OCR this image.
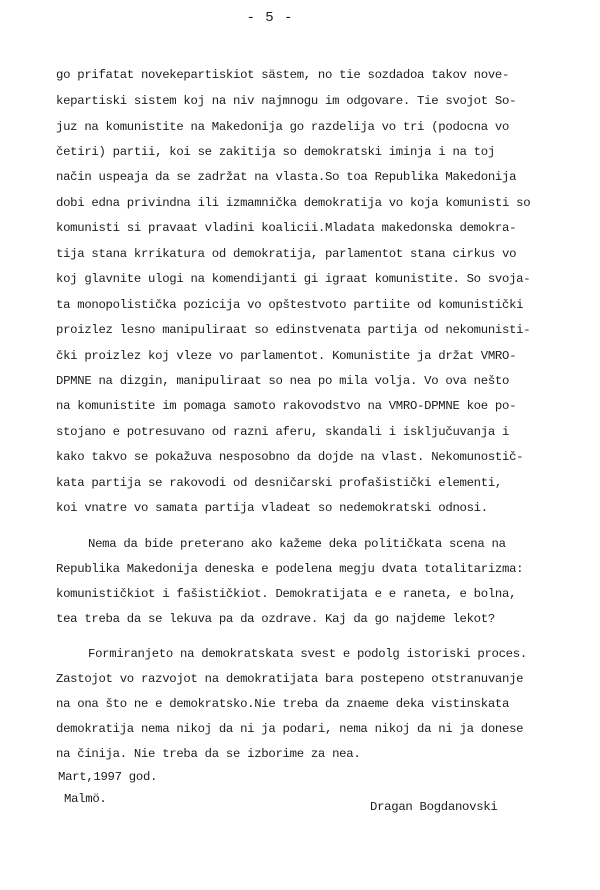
- 5 -
go prifatat novekepartiskiot sästem, no tie sozdadoa takov nove-
kepartiski sistem koj na niv najmnogu im odgovare. Tie svojot So-
juz na komunistite na Makedonija go razdelija vo tri (podocna vo
četiri) partii, koi se zakitija so demokratski iminja i na toj
način uspeaja da se zadržat na vlasta.So toa Republika Makedonija
dobi edna privindna ili izmamnička demokratija vo koja komunisti so
komunisti si pravaat vladini koalicii.Mladata makedonska demokra-
tija stana krrikatura od demokratija, parlamentot stana cirkus vo
koj glavnite ulogi na komendijanti gi igraat komunistite. So svoja-
ta monopolistička pozicija vo opštestvoto partiite od komunistički
proizlez lesno manipuliraat so edinstvenata partija od nekomunisti-
čki proizlez koj vleze vo parlamentot. Komunistite ja držat VMRO-
DPMNE na dizgin, manipuliraat so nea po mila volja. Vo ova nešto
na komunistite im pomaga samoto rakovodstvo na VMRO-DPMNE koe po-
stojano e potresuvano od razni aferu, skandali i isključuvanja i
kako takvo se pokažuva nesposobno da dojde na vlast. Nekomunostič-
kata partija se rakovodi od desničarski profašistički elementi,
koi vnatre vo samata partija vladeat so nedemokratski odnosi.
Nema da bide preterano ako kažeme deka političkata scena na
Republika Makedonija deneska e podelena megju dvata totalitarizma:
komunističkiot i fašističkiot. Demokratijata e e raneta, e bolna,
tea treba da se lekuva pa da ozdrave. Kaj da go najdeme lekot?
Formiranjeto na demokratskata svest e podolg istoriski proces.
Zastojot vo razvojot na demokratijata bara postepeno otstranuvanje
na ona što ne e demokratsko.Nie treba da znaeme deka vistinskata
demokratija nema nikoj da ni ja podari, nema nikoj da ni ja donese
na činija. Nie treba da se izborime za nea.
Mart,1997 god.
Malmö.
Dragan Bogdanovski
